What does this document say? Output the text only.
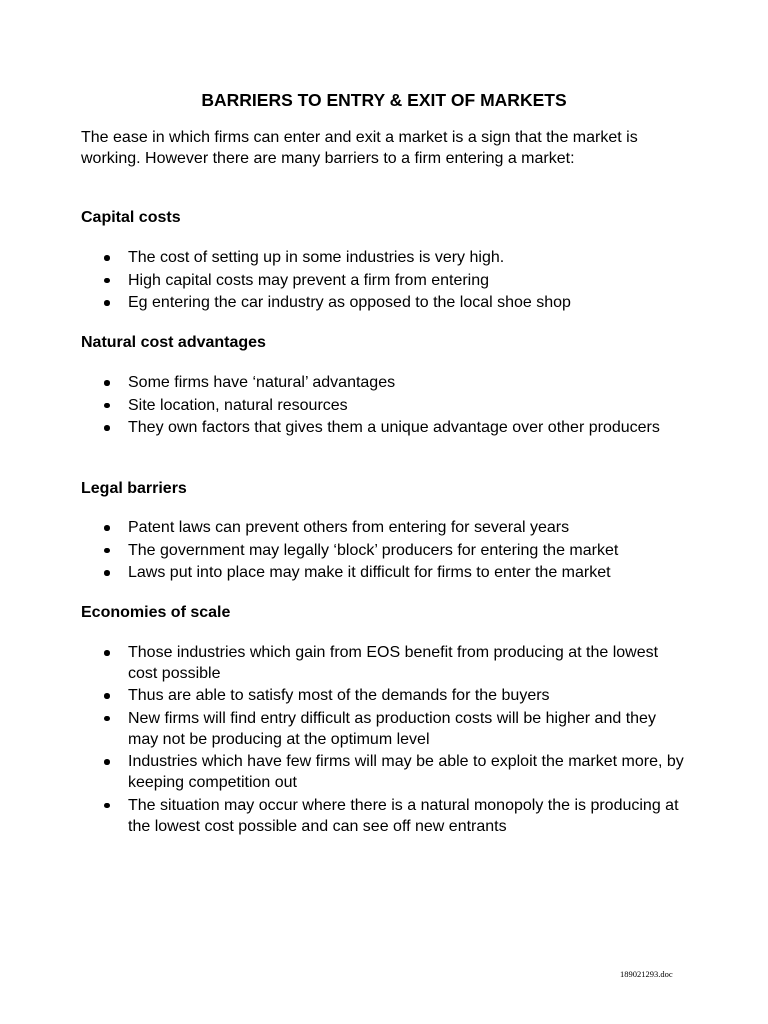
BARRIERS TO ENTRY & EXIT OF MARKETS

The ease in which firms can enter and exit a market is a sign that the market is working. However there are many barriers to a firm entering a market:

Capital costs

The cost of setting up in some industries is very high.
High capital costs may prevent a firm from entering
Eg entering the car industry as opposed to the local shoe shop

Natural cost advantages

Some firms have ‘natural’ advantages
Site location, natural resources
They own factors that gives them a unique advantage over other producers

Legal barriers

Patent laws can prevent others from entering for several years
The government may legally ‘block’ producers for entering the market
Laws put into place may make it difficult for firms to enter the market

Economies of scale

Those industries which gain from EOS benefit from producing at the lowest cost possible
Thus are able to satisfy most of the demands for the buyers
New firms will find entry difficult as production costs will be higher and they may not be producing at the optimum level
Industries which have few firms will may be able to exploit the market more, by keeping competition out
The situation may occur where there is a natural monopoly the is producing at the lowest cost possible and can see off new entrants
189021293.doc
